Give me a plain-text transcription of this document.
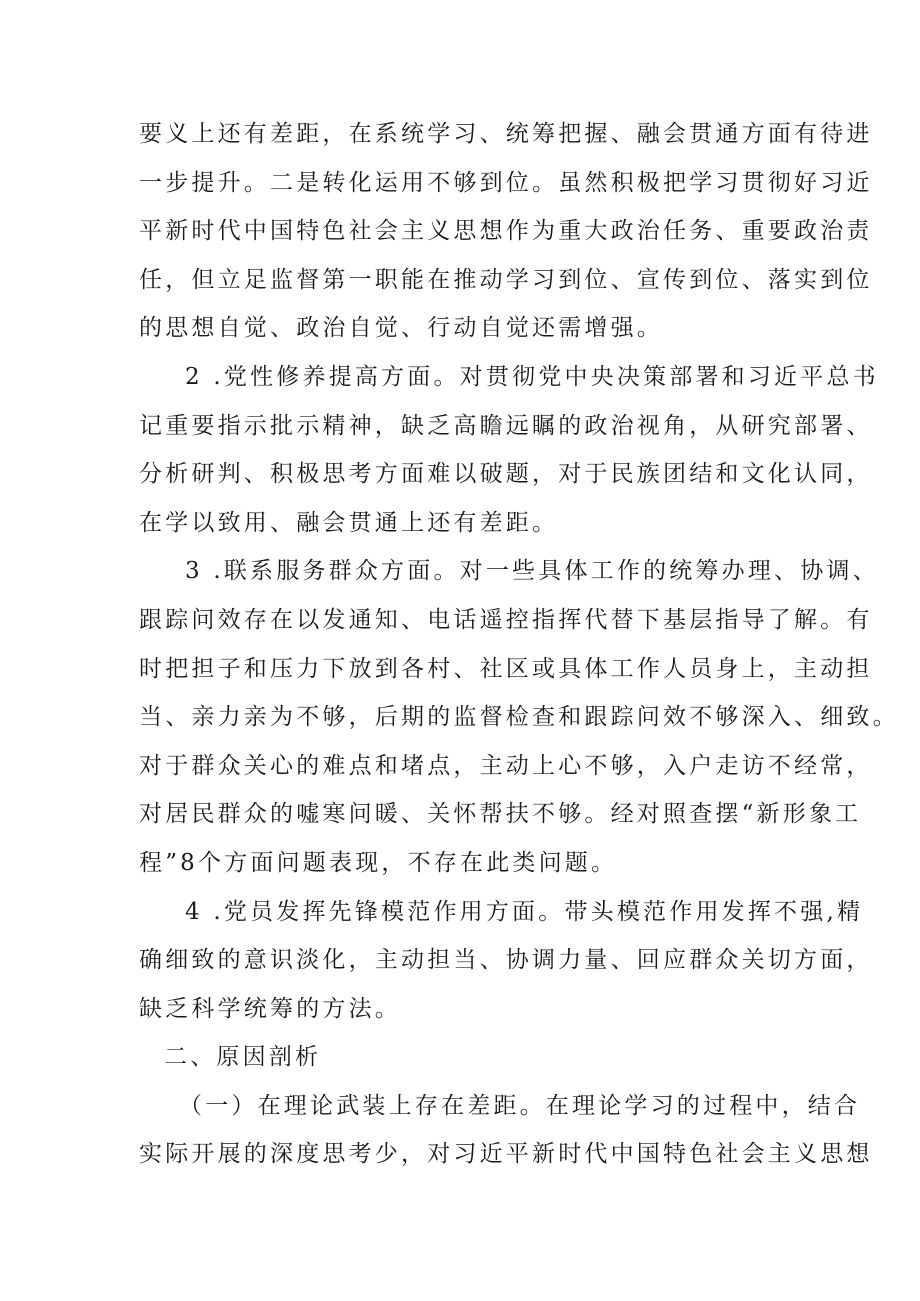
要义上还有差距，在系统学习、统筹把握、融会贯通方面有待进
一步提升。二是转化运用不够到位。虽然积极把学习贯彻好习近
平新时代中国特色社会主义思想作为重大政治任务、重要政治责
任，但立足监督第一职能在推动学习到位、宣传到位、落实到位
的思想自觉、政治自觉、行动自觉还需增强。
2 .党性修养提高方面。对贯彻党中央决策部署和习近平总书
记重要指示批示精神，缺乏高瞻远瞩的政治视角，从研究部署、
分析研判、积极思考方面难以破题，对于民族团结和文化认同，
在学以致用、融会贯通上还有差距。
3 .联系服务群众方面。对一些具体工作的统筹办理、协调、
跟踪问效存在以发通知、电话遥控指挥代替下基层指导了解。有
时把担子和压力下放到各村、社区或具体工作人员身上，主动担
当、亲力亲为不够，后期的监督检查和跟踪问效不够深入、细致。
对于群众关心的难点和堵点，主动上心不够，入户走访不经常，
对居民群众的嘘寒问暖、关怀帮扶不够。经对照查摆“新形象工
程”8个方面问题表现，不存在此类问题。
4 .党员发挥先锋模范作用方面。带头模范作用发挥不强,精
确细致的意识淡化，主动担当、协调力量、回应群众关切方面，
缺乏科学统筹的方法。
二、原因剖析
（一）在理论武装上存在差距。在理论学习的过程中，结合
实际开展的深度思考少，对习近平新时代中国特色社会主义思想
